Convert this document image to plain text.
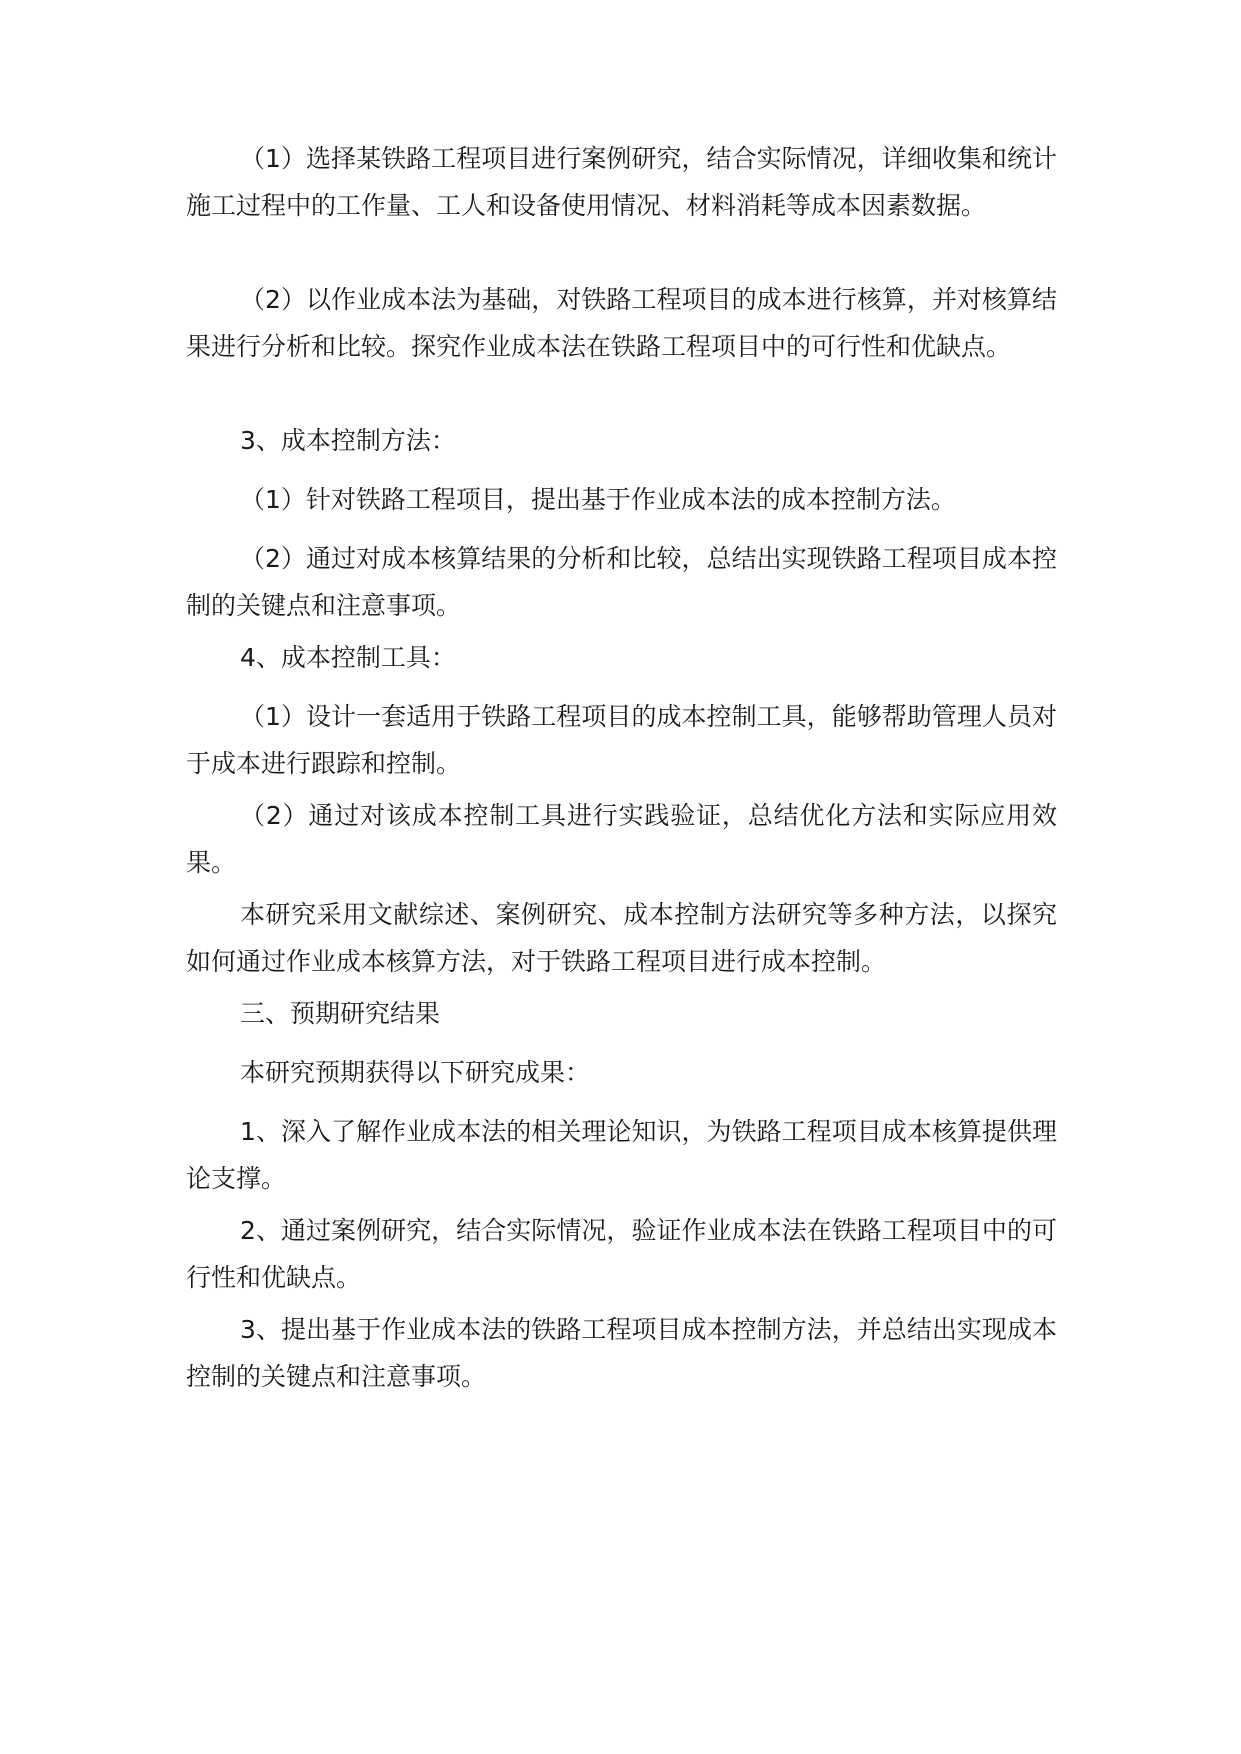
（1）选择某铁路工程项目进行案例研究，结合实际情况，详细收集和统计施工过程中的工作量、工人和设备使用情况、材料消耗等成本因素数据。

（2）以作业成本法为基础，对铁路工程项目的成本进行核算，并对核算结果进行分析和比较。探究作业成本法在铁路工程项目中的可行性和优缺点。

3、成本控制方法：

（1）针对铁路工程项目，提出基于作业成本法的成本控制方法。

（2）通过对成本核算结果的分析和比较，总结出实现铁路工程项目成本控制的关键点和注意事项。

4、成本控制工具：

（1）设计一套适用于铁路工程项目的成本控制工具，能够帮助管理人员对于成本进行跟踪和控制。

（2）通过对该成本控制工具进行实践验证，总结优化方法和实际应用效果。

本研究采用文献综述、案例研究、成本控制方法研究等多种方法，以探究如何通过作业成本核算方法，对于铁路工程项目进行成本控制。

三、预期研究结果

本研究预期获得以下研究成果：

1、深入了解作业成本法的相关理论知识，为铁路工程项目成本核算提供理论支撑。

2、通过案例研究，结合实际情况，验证作业成本法在铁路工程项目中的可行性和优缺点。

3、提出基于作业成本法的铁路工程项目成本控制方法，并总结出实现成本控制的关键点和注意事项。
